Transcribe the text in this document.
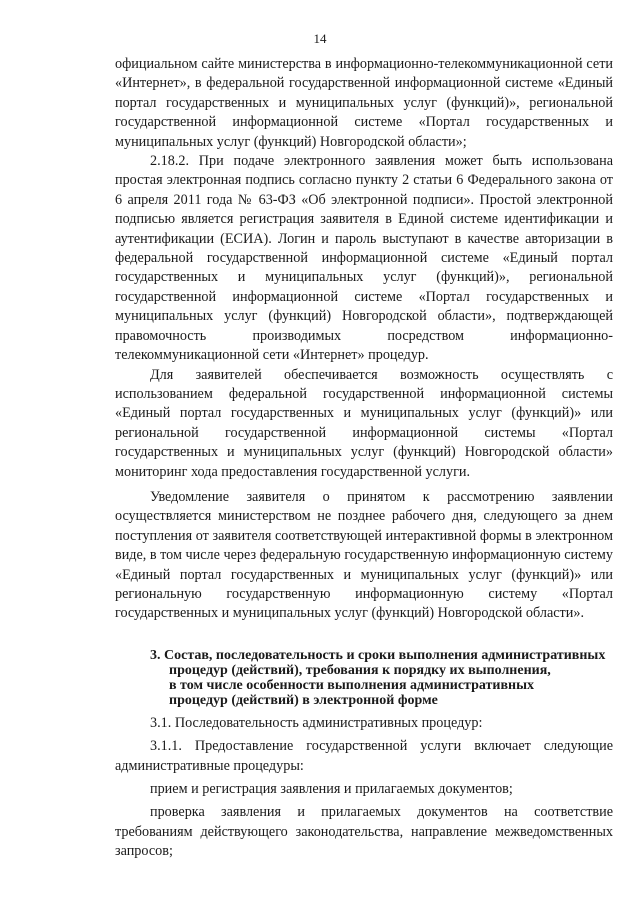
14

официальном сайте министерства в информационно-телекоммуникационной сети «Интернет», в федеральной государственной информационной системе «Единый портал государственных и муниципальных услуг (функций)», региональной государственной информационной системе «Портал государственных и муниципальных услуг (функций) Новгородской области»;

2.18.2. При подаче электронного заявления может быть использована простая электронная подпись согласно пункту 2 статьи 6 Федерального закона от 6 апреля 2011 года № 63-ФЗ «Об электронной подписи». Простой электронной подписью является регистрация заявителя в Единой системе идентификации и аутентификации (ЕСИА). Логин и пароль выступают в качестве авторизации в федеральной государственной информационной системе «Единый портал государственных и муниципальных услуг (функций)», региональной государственной информационной системе «Портал государственных и муниципальных услуг (функций) Новгородской области», подтверждающей правомочность производимых посредством информационно-телекоммуникационной сети «Интернет» процедур.

Для заявителей обеспечивается возможность осуществлять с использованием федеральной государственной информационной системы «Единый портал государственных и муниципальных услуг (функций)» или региональной государственной информационной системы «Портал государственных и муниципальных услуг (функций) Новгородской области» мониторинг хода предоставления государственной услуги.

Уведомление заявителя о принятом к рассмотрению заявлении осуществляется министерством не позднее рабочего дня, следующего за днем поступления от заявителя соответствующей интерактивной формы в электронном виде, в том числе через федеральную государственную информационную систему «Единый портал государственных и муниципальных услуг (функций)» или региональную государственную информационную систему «Портал государственных и муниципальных услуг (функций) Новгородской области».

3. Состав, последовательность и сроки выполнения административных
процедур (действий), требования к порядку их выполнения,
в том числе особенности выполнения административных
процедур (действий) в электронной форме

3.1. Последовательность административных процедур:

3.1.1. Предоставление государственной услуги включает следующие административные процедуры:

прием и регистрация заявления и прилагаемых документов;

проверка заявления и прилагаемых документов на соответствие требованиям действующего законодательства, направление межведомственных запросов;
